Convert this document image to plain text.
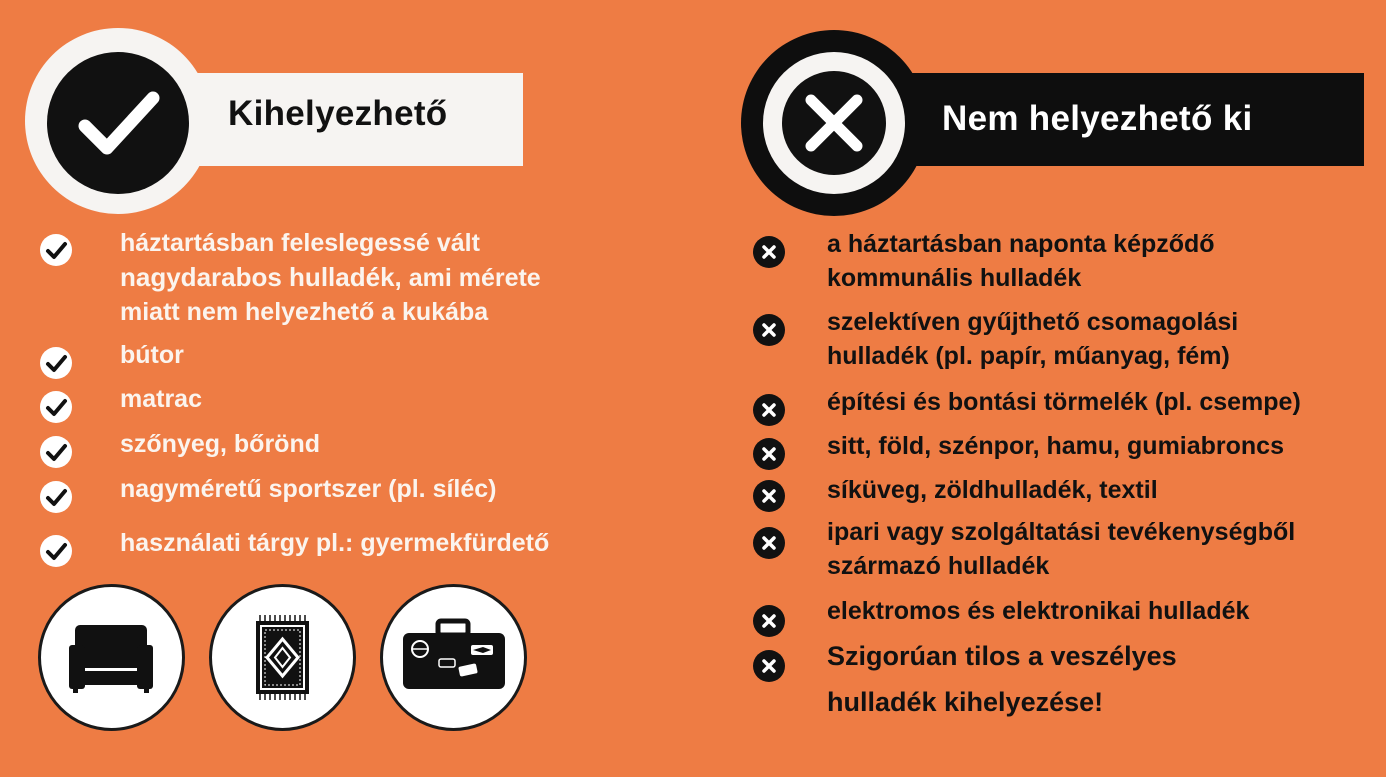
Kihelyezhető	Nem helyezhető ki
háztartásban feleslegessé vált
nagydarabos hulladék, ami mérete
miatt nem helyezhető a kukába
bútor
matrac
szőnyeg, bőrönd
nagyméretű sportszer (pl. síléc)
használati tárgy pl.: gyermekfürdető
a háztartásban naponta képződő
kommunális hulladék
szelektíven gyűjthető csomagolási
hulladék (pl. papír, műanyag, fém)
építési és bontási törmelék (pl. csempe)
sitt, föld, szénpor, hamu, gumiabroncs
síküveg, zöldhulladék, textil
ipari vagy szolgáltatási tevékenységből
származó hulladék
elektromos és elektronikai hulladék
Szigorúan tilos a veszélyes
hulladék kihelyezése!
